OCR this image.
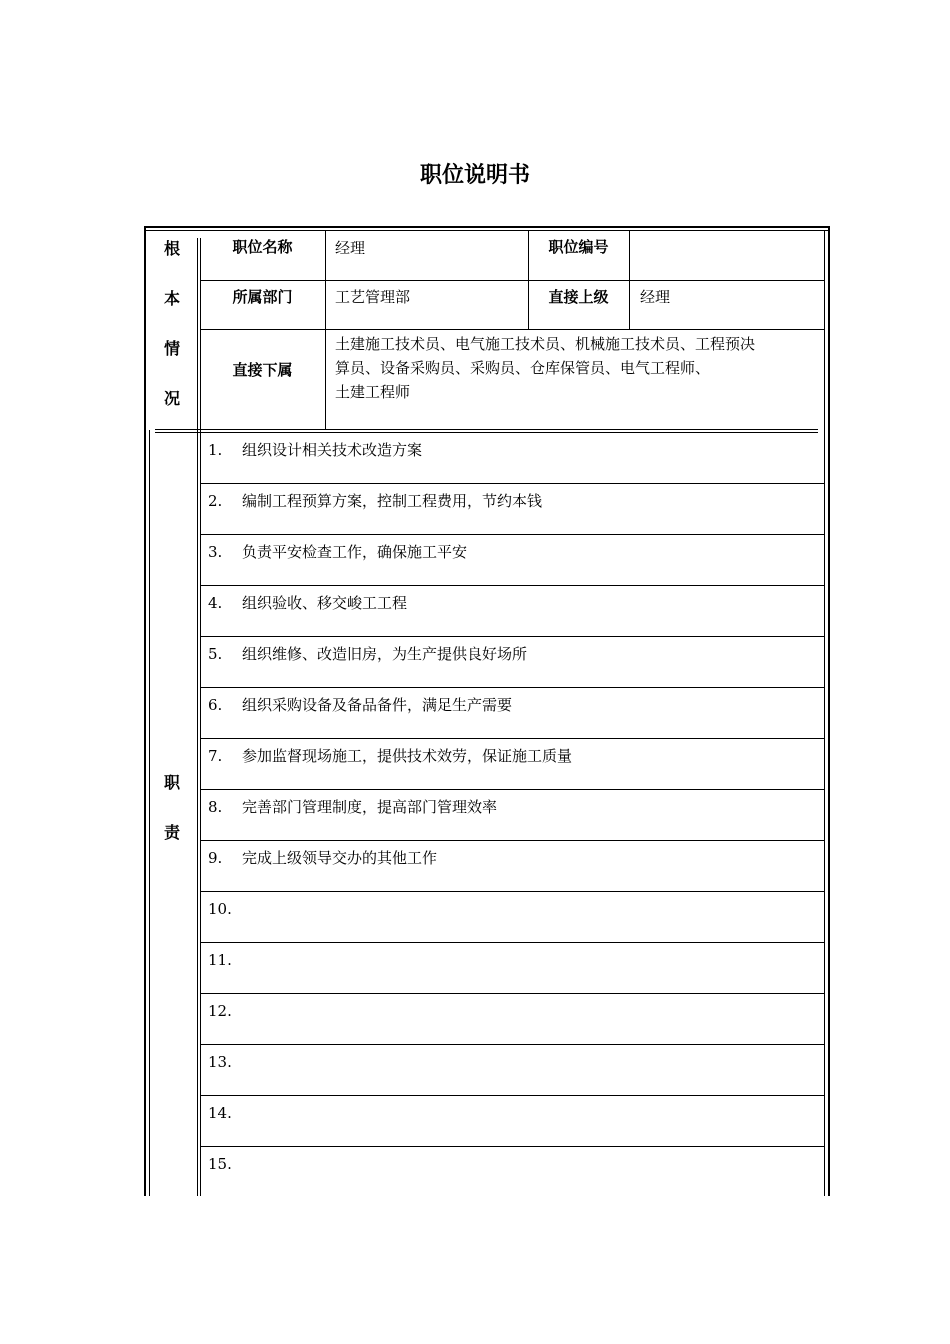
职位说明书
根
本
情
况
职位名称	经理	职位编号
所属部门	工艺管理部	直接上级	经理
直接下属
土建施工技术员、电气施工技术员、机械施工技术员、工程预决
算员、设备采购员、采购员、仓库保管员、电气工程师、
土建工程师
职
责
1. 组织设计相关技术改造方案
2. 编制工程预算方案，控制工程费用，节约本钱
3. 负责平安检查工作，确保施工平安
4. 组织验收、移交峻工工程
5. 组织维修、改造旧房，为生产提供良好场所
6. 组织采购设备及备品备件，满足生产需要
7. 参加监督现场施工，提供技术效劳，保证施工质量
8. 完善部门管理制度，提高部门管理效率
9. 完成上级领导交办的其他工作
10.
11.
12.
13.
14.
15.
